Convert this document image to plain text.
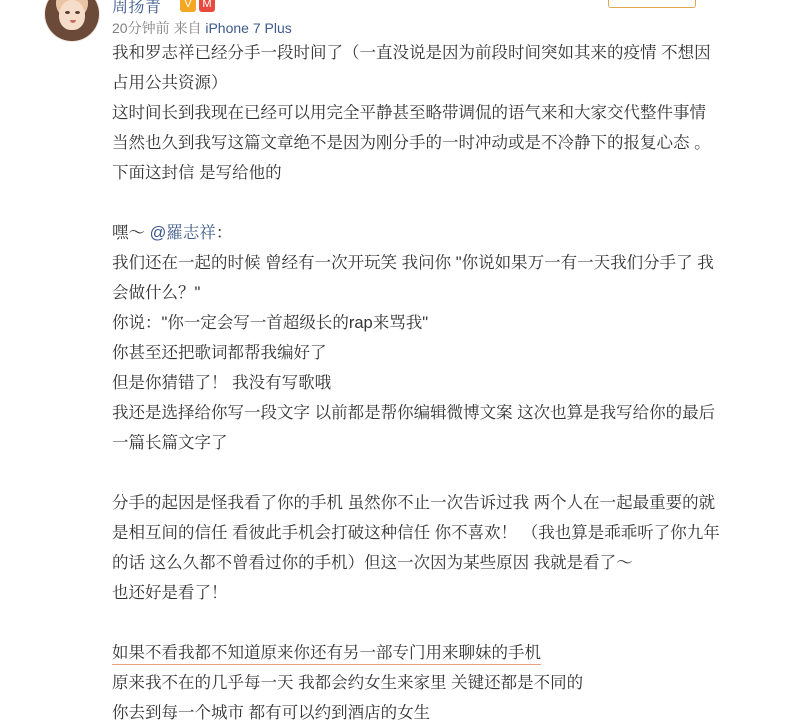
周扬青	V M
20分钟前 来自 iPhone 7 Plus

我和罗志祥已经分手一段时间了（一直没说是因为前段时间突如其来的疫情 不想因占用公共资源）

这时间长到我现在已经可以用完全平静甚至略带调侃的语气来和大家交代整件事情 当然也久到我写这篇文章绝不是因为刚分手的一时冲动或是不冷静下的报复心态 。

下面这封信 是写给他的

嘿～ @羅志祥：

我们还在一起的时候 曾经有一次开玩笑 我问你 "你说如果万一有一天我们分手了 我会做什么？"

你说："你一定会写一首超级长的rap来骂我"

你甚至还把歌词都帮我编好了

但是你猜错了！ 我没有写歌哦

我还是选择给你写一段文字 以前都是帮你编辑微博文案 这次也算是我写给你的最后一篇长篇文字了

分手的起因是怪我看了你的手机 虽然你不止一次告诉过我 两个人在一起最重要的就是相互间的信任 看彼此手机会打破这种信任 你不喜欢！ （我也算是乖乖听了你九年的话 这么久都不曾看过你的手机）但这一次因为某些原因 我就是看了～

也还好是看了！

如果不看我都不知道原来你还有另一部专门用来聊妹的手机

原来我不在的几乎每一天 我都会约女生来家里 关键还都是不同的

你去到每一个城市 都有可以约到酒店的女生
